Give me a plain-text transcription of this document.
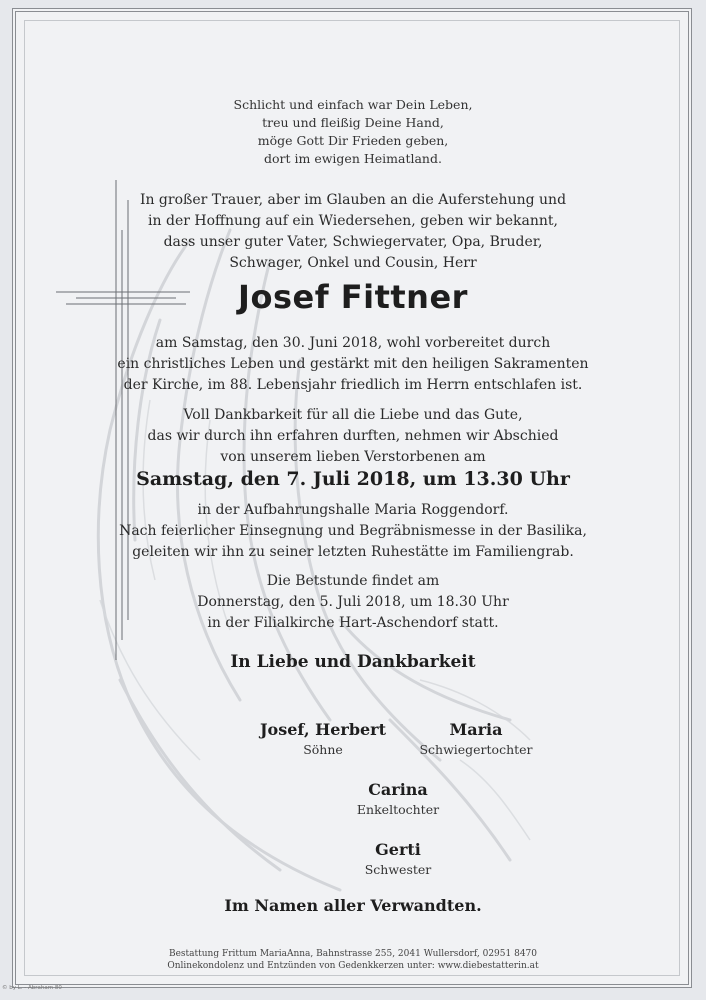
Schlicht und einfach war Dein Leben,
treu und fleißig Deine Hand,
möge Gott Dir Frieden geben,
dort im ewigen Heimatland.
In großer Trauer, aber im Glauben an die Auferstehung und
in der Hoffnung auf ein Wiedersehen, geben wir bekannt,
dass unser guter Vater, Schwiegervater, Opa, Bruder,
Schwager, Onkel und Cousin, Herr
Josef Fittner
am Samstag, den 30. Juni 2018, wohl vorbereitet durch
ein christliches Leben und gestärkt mit den heiligen Sakramenten
der Kirche, im 88. Lebensjahr friedlich im Herrn entschlafen ist.
Voll Dankbarkeit für all die Liebe und das Gute,
das wir durch ihn erfahren durften, nehmen wir Abschied
von unserem lieben Verstorbenen am
Samstag, den 7. Juli 2018, um 13.30 Uhr
in der Aufbahrungshalle Maria Roggendorf.
Nach feierlicher Einsegnung und Begräbnismesse in der Basilika,
geleiten wir ihn zu seiner letzten Ruhestätte im Familiengrab.
Die Betstunde findet am
Donnerstag, den 5. Juli 2018, um 18.30 Uhr
in der Filialkirche Hart-Aschendorf statt.
In Liebe und Dankbarkeit
Josef, Herbert
Söhne
Maria
Schwiegertochter
Carina
Enkeltochter
Gerti
Schwester
Im Namen aller Verwandten.
Bestattung Frittum MariaAnna, Bahnstrasse 255, 2041 Wullersdorf, 02951 8470
Onlinekondolenz und Entzünden von Gedenkkerzen unter: www.diebestatterin.at
© by L. - Abraham 80
